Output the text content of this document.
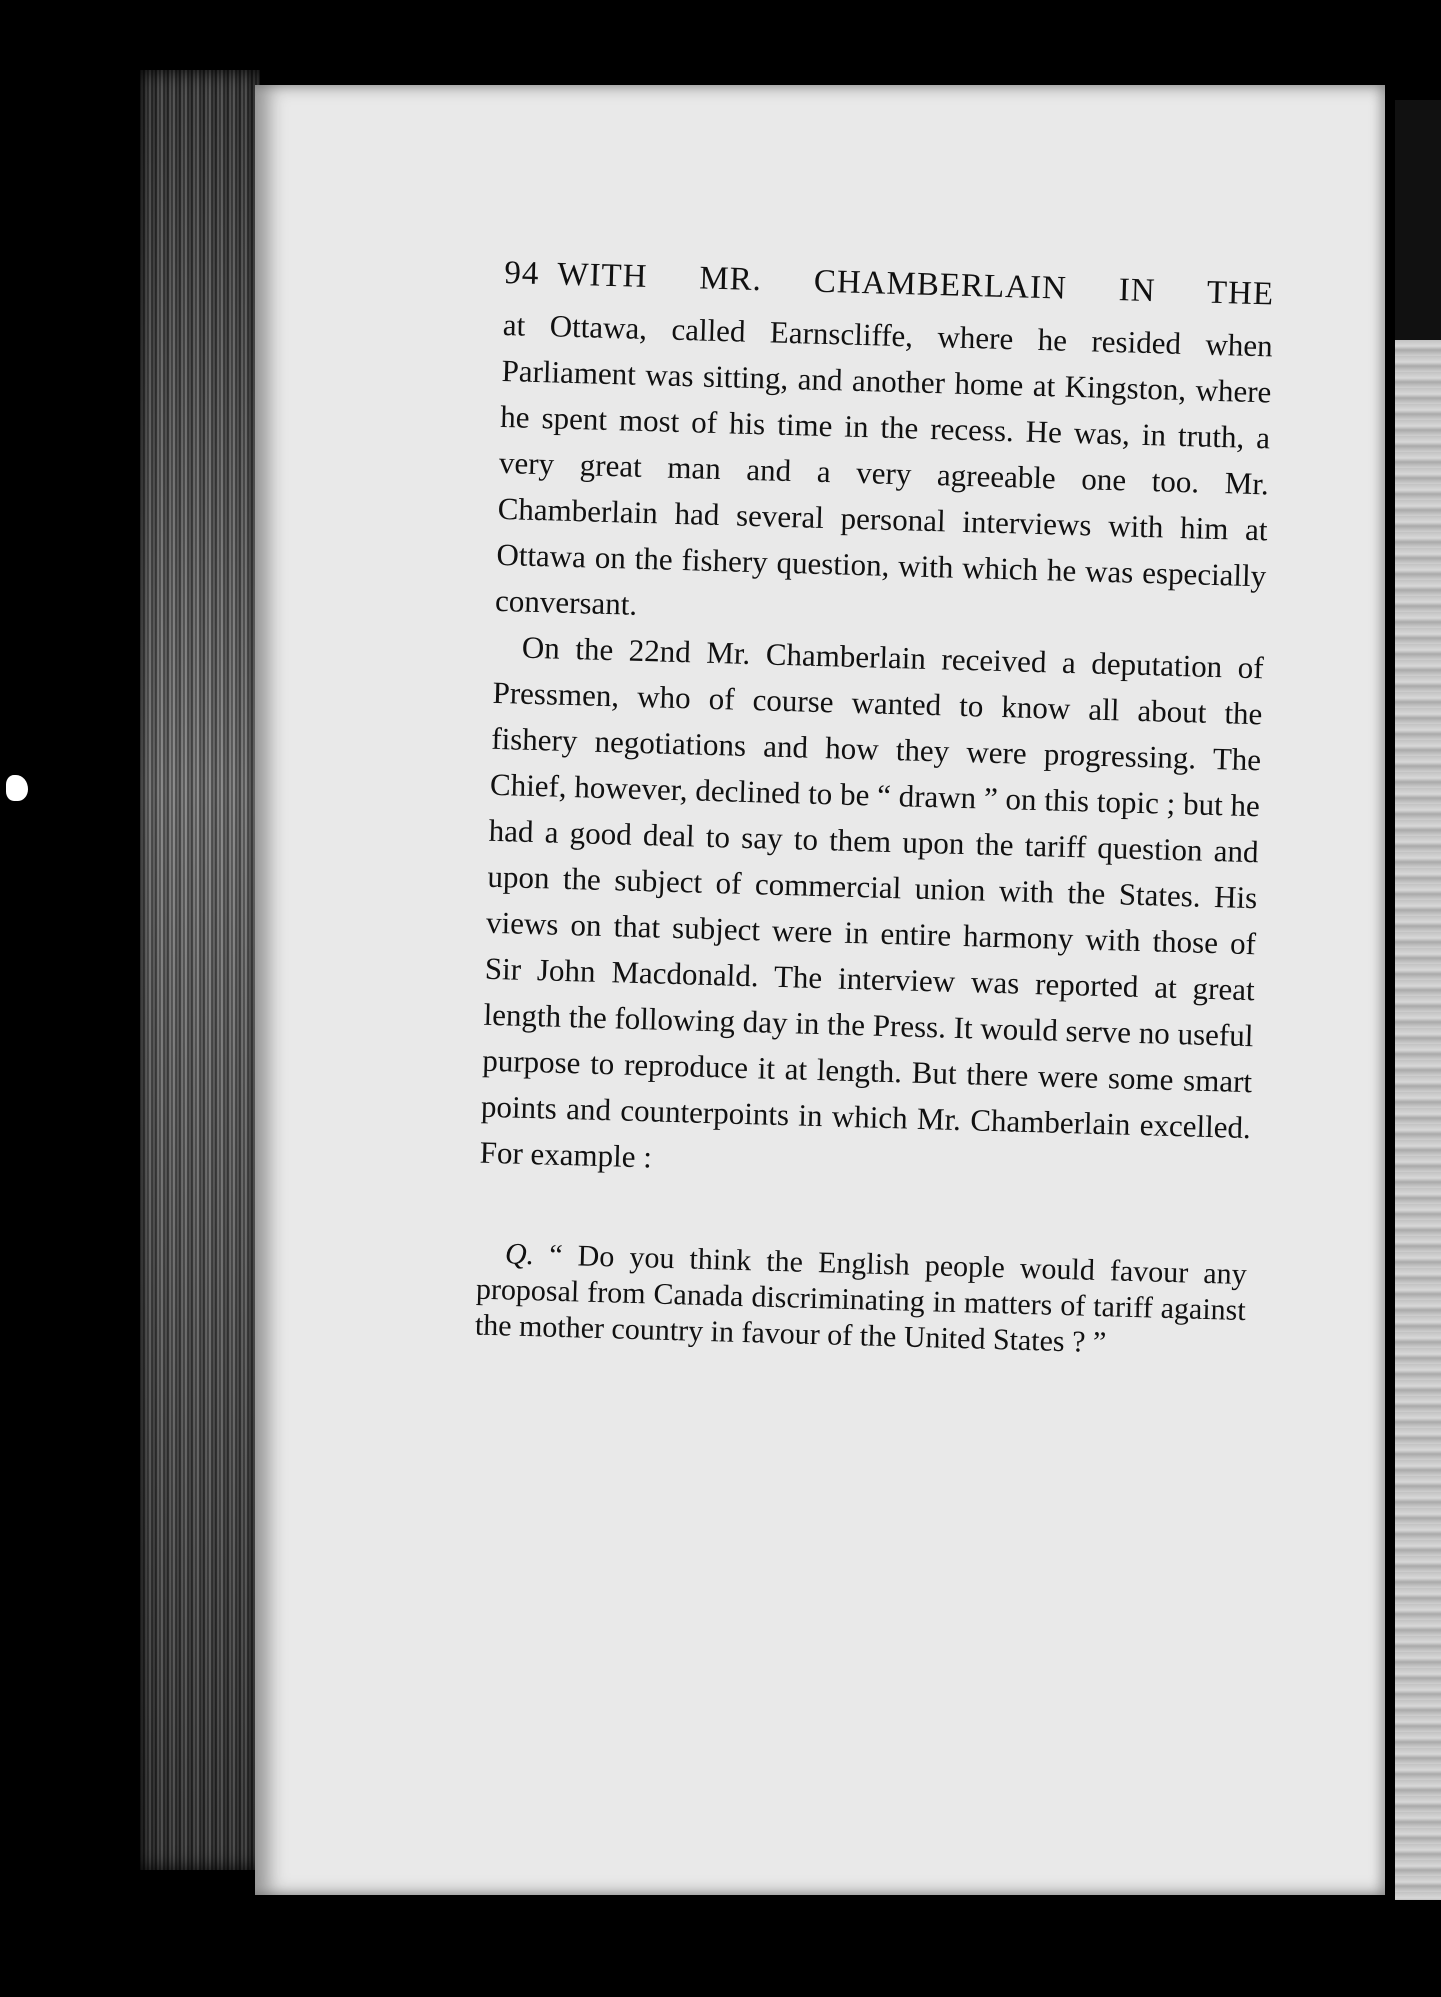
94 WITH MR. CHAMBERLAIN IN THE

at Ottawa, called Earnscliffe, where he resided when Parliament was sitting, and another home at Kingston, where he spent most of his time in the recess. He was, in truth, a very great man and a very agreeable one too. Mr. Chamberlain had several personal interviews with him at Ottawa on the fishery question, with which he was especially conversant.

On the 22nd Mr. Chamberlain received a deputation of Pressmen, who of course wanted to know all about the fishery negotiations and how they were progressing. The Chief, however, declined to be “ drawn ” on this topic ; but he had a good deal to say to them upon the tariff question and upon the subject of commercial union with the States. His views on that subject were in entire harmony with those of Sir John Macdonald. The interview was reported at great length the following day in the Press. It would serve no useful purpose to reproduce it at length. But there were some smart points and counterpoints in which Mr. Chamberlain excelled. For example :

Q. “ Do you think the English people would favour any proposal from Canada discriminating in matters of tariff against the mother country in favour of the United States ? ”
